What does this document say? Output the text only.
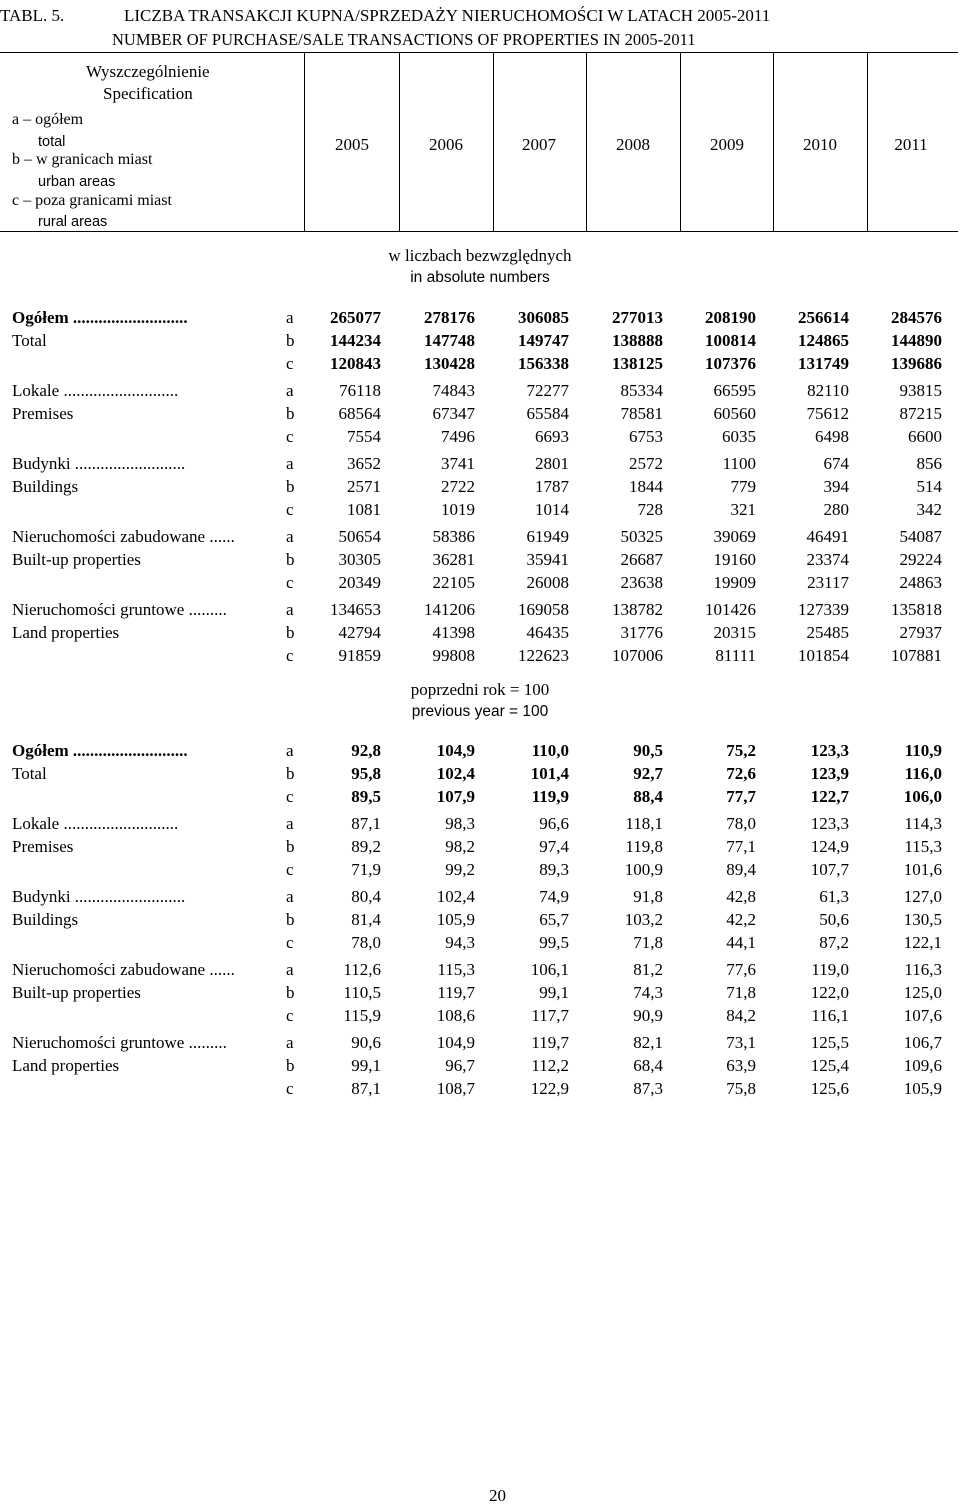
TABL. 5.	LICZBA TRANSAKCJI KUPNA/SPRZEDAŻY NIERUCHOMOŚCI W LATACH 2005-2011
NUMBER OF PURCHASE/SALE TRANSACTIONS OF PROPERTIES IN 2005-2011
Wyszczególnienie
Specification
a – ogółem
total
b – w granicach miast
urban areas
c – poza granicami miast
rural areas
2005	2006	2007	2008	2009	2010	2011
w liczbach bezwzględnych
in absolute numbers
poprzedni rok = 100
previous year = 100
Ogółem ...........................
Total
a	265077	278176	306085	277013	208190	256614	284576
b	144234	147748	149747	138888	100814	124865	144890
c	120843	130428	156338	138125	107376	131749	139686
Lokale ...........................
Premises
a	76118	74843	72277	85334	66595	82110	93815
b	68564	67347	65584	78581	60560	75612	87215
c	7554	7496	6693	6753	6035	6498	6600
Budynki ..........................
Buildings
a	3652	3741	2801	2572	1100	674	856
b	2571	2722	1787	1844	779	394	514
c	1081	1019	1014	728	321	280	342
Nieruchomości zabudowane ......
Built-up properties
a	50654	58386	61949	50325	39069	46491	54087
b	30305	36281	35941	26687	19160	23374	29224
c	20349	22105	26008	23638	19909	23117	24863
Nieruchomości gruntowe .........
Land properties
a	134653	141206	169058	138782	101426	127339	135818
b	42794	41398	46435	31776	20315	25485	27937
c	91859	99808	122623	107006	81111	101854	107881
Ogółem ...........................
Total
a	92,8	104,9	110,0	90,5	75,2	123,3	110,9
b	95,8	102,4	101,4	92,7	72,6	123,9	116,0
c	89,5	107,9	119,9	88,4	77,7	122,7	106,0
Lokale ...........................
Premises
a	87,1	98,3	96,6	118,1	78,0	123,3	114,3
b	89,2	98,2	97,4	119,8	77,1	124,9	115,3
c	71,9	99,2	89,3	100,9	89,4	107,7	101,6
Budynki ..........................
Buildings
a	80,4	102,4	74,9	91,8	42,8	61,3	127,0
b	81,4	105,9	65,7	103,2	42,2	50,6	130,5
c	78,0	94,3	99,5	71,8	44,1	87,2	122,1
Nieruchomości zabudowane ......
Built-up properties
a	112,6	115,3	106,1	81,2	77,6	119,0	116,3
b	110,5	119,7	99,1	74,3	71,8	122,0	125,0
c	115,9	108,6	117,7	90,9	84,2	116,1	107,6
Nieruchomości gruntowe .........
Land properties
a	90,6	104,9	119,7	82,1	73,1	125,5	106,7
b	99,1	96,7	112,2	68,4	63,9	125,4	109,6
c	87,1	108,7	122,9	87,3	75,8	125,6	105,9
20
